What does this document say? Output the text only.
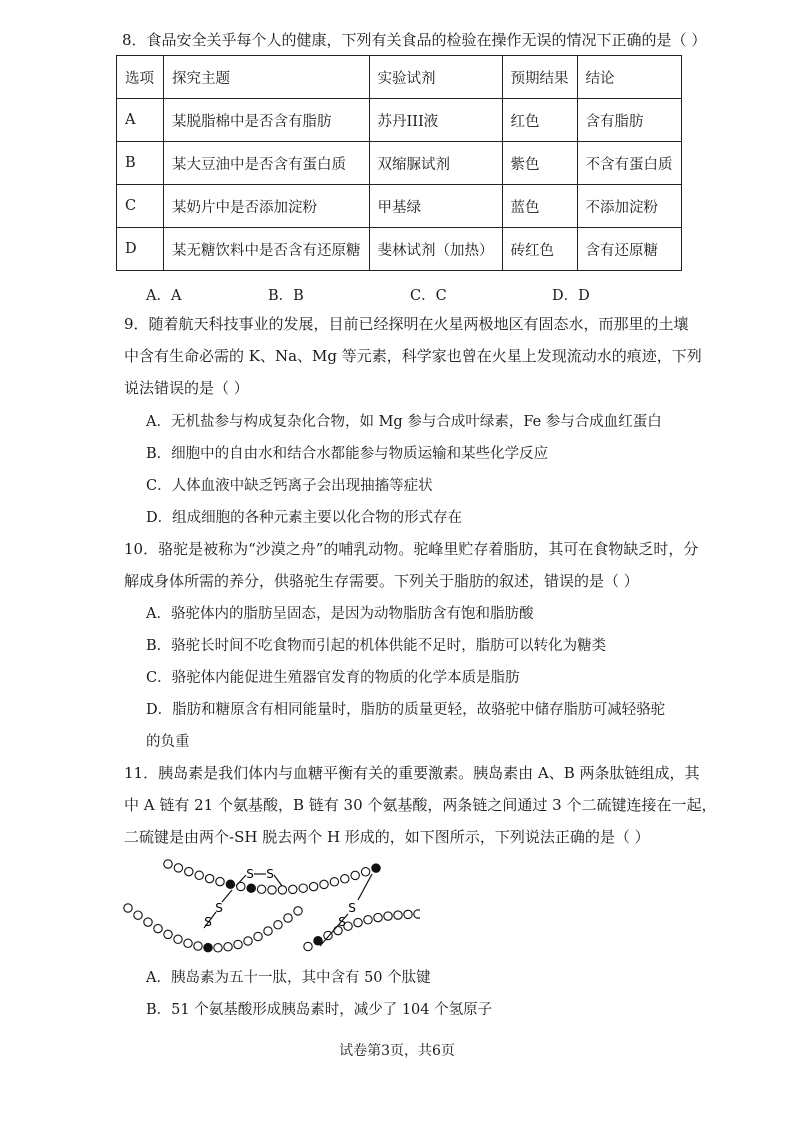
8．食品安全关乎每个人的健康，下列有关食品的检验在操作无误的情况下正确的是（ ）
选项	探究主题	实验试剂	预期结果	结论
A	某脱脂棉中是否含有脂肪	苏丹III液	红色	含有脂肪
B	某大豆油中是否含有蛋白质	双缩脲试剂	紫色	不含有蛋白质
C	某奶片中是否添加淀粉	甲基绿	蓝色	不添加淀粉
D	某无糖饮料中是否含有还原糖	斐林试剂（加热）	砖红色	含有还原糖
A．A	B．B	C．C	D．D
9．随着航天科技事业的发展，目前已经探明在火星两极地区有固态水，而那里的土壤
中含有生命必需的 K、Na、Mg 等元素，科学家也曾在火星上发现流动水的痕迹，下列
说法错误的是（ ）
A．无机盐参与构成复杂化合物，如 Mg 参与合成叶绿素，Fe 参与合成血红蛋白
B．细胞中的自由水和结合水都能参与物质运输和某些化学反应
C．人体血液中缺乏钙离子会出现抽搐等症状
D．组成细胞的各种元素主要以化合物的形式存在
10．骆驼是被称为“沙漠之舟”的哺乳动物。驼峰里贮存着脂肪，其可在食物缺乏时，分
解成身体所需的养分，供骆驼生存需要。下列关于脂肪的叙述，错误的是（ ）
A．骆驼体内的脂肪呈固态，是因为动物脂肪含有饱和脂肪酸
B．骆驼长时间不吃食物而引起的机体供能不足时，脂肪可以转化为糖类
C．骆驼体内能促进生殖器官发育的物质的化学本质是脂肪
D．脂肪和糖原含有相同能量时，脂肪的质量更轻，故骆驼中储存脂肪可减轻骆驼
的负重
11．胰岛素是我们体内与血糖平衡有关的重要激素。胰岛素由 A、B 两条肽链组成，其
中 A 链有 21 个氨基酸，B 链有 30 个氨基酸，两条链之间通过 3 个二硫键连接在一起，
二硫键是由两个-SH 脱去两个 H 形成的，如下图所示，下列说法正确的是（ ）
S S
S
S
S
S
A．胰岛素为五十一肽，其中含有 50 个肽键
B．51 个氨基酸形成胰岛素时，减少了 104 个氢原子
试卷第3页，共6页
